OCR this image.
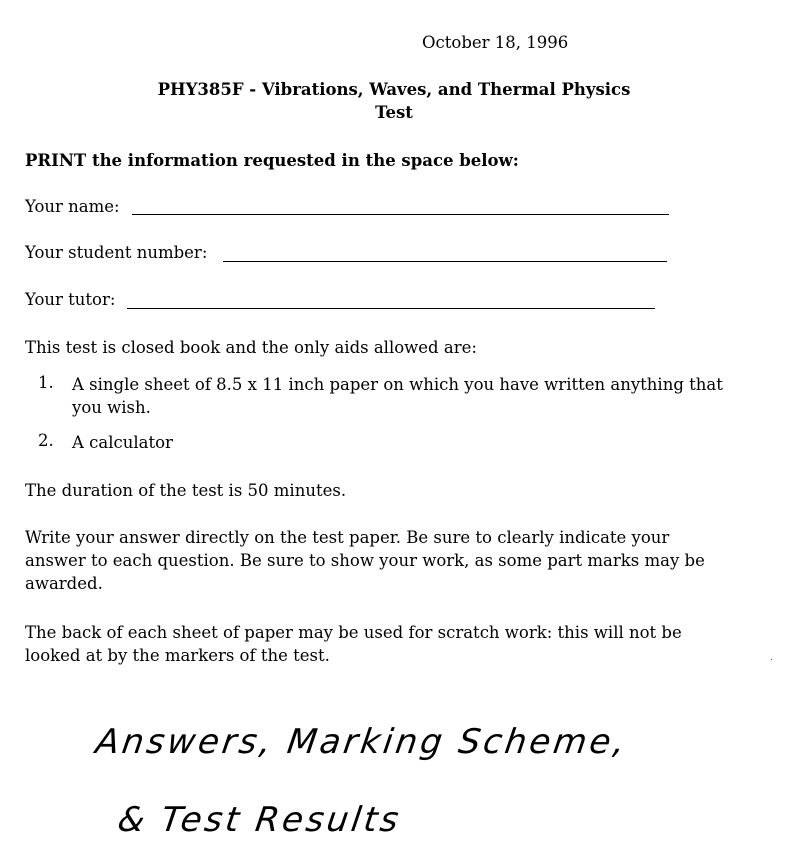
October 18, 1996
PHY385F - Vibrations, Waves, and Thermal Physics
Test
PRINT the information requested in the space below:
Your name:
Your student number:
Your tutor:
This test is closed book and the only aids allowed are:
1. A single sheet of 8.5 x 11 inch paper on which you have written anything that
you wish.
2. A calculator
The duration of the test is 50 minutes.
Write your answer directly on the test paper. Be sure to clearly indicate your
answer to each question. Be sure to show your work, as some part marks may be
awarded.
The back of each sheet of paper may be used for scratch work: this will not be
looked at by the markers of the test.
Answers, Marking Scheme,
& Test Results
